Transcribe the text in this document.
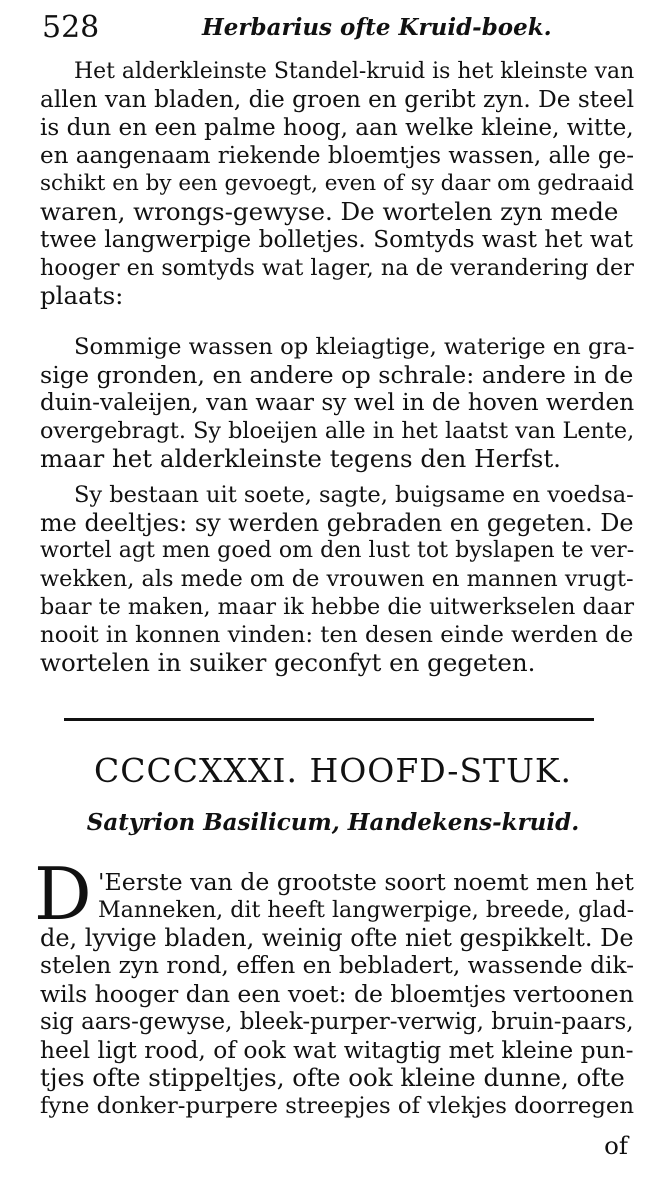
528	Herbarius ofte Kruid-boek.
Het alderkleinste Standel-kruid is het kleinste van
allen van bladen, die groen en geribt zyn. De steel
is dun en een palme hoog, aan welke kleine, witte,
en aangenaam riekende bloemtjes wassen, alle ge-
schikt en by een gevoegt, even of sy daar om gedraaid
waren, wrongs-gewyse. De wortelen zyn mede
twee langwerpige bolletjes. Somtyds wast het wat
hooger en somtyds wat lager, na de verandering der
plaats:
Sommige wassen op kleiagtige, waterige en gra-
sige gronden, en andere op schrale: andere in de
duin-valeijen, van waar sy wel in de hoven werden
overgebragt. Sy bloeijen alle in het laatst van Lente,
maar het alderkleinste tegens den Herfst.
Sy bestaan uit soete, sagte, buigsame en voedsa-
me deeltjes: sy werden gebraden en gegeten. De
wortel agt men goed om den lust tot byslapen te ver-
wekken, als mede om de vrouwen en mannen vrugt-
baar te maken, maar ik hebbe die uitwerkselen daar
nooit in konnen vinden: ten desen einde werden de
wortelen in suiker geconfyt en gegeten.
CCCCXXXI. HOOFD-STUK.
Satyrion Basilicum, Handekens-kruid.
D 'Eerste van de grootste soort noemt men het
Manneken, dit heeft langwerpige, breede, glad-
de, lyvige bladen, weinig ofte niet gespikkelt. De
stelen zyn rond, effen en bebladert, wassende dik-
wils hooger dan een voet: de bloemtjes vertoonen
sig aars-gewyse, bleek-purper-verwig, bruin-paars,
heel ligt rood, of ook wat witagtig met kleine pun-
tjes ofte stippeltjes, ofte ook kleine dunne, ofte
fyne donker-purpere streepjes of vlekjes doorregen
of
